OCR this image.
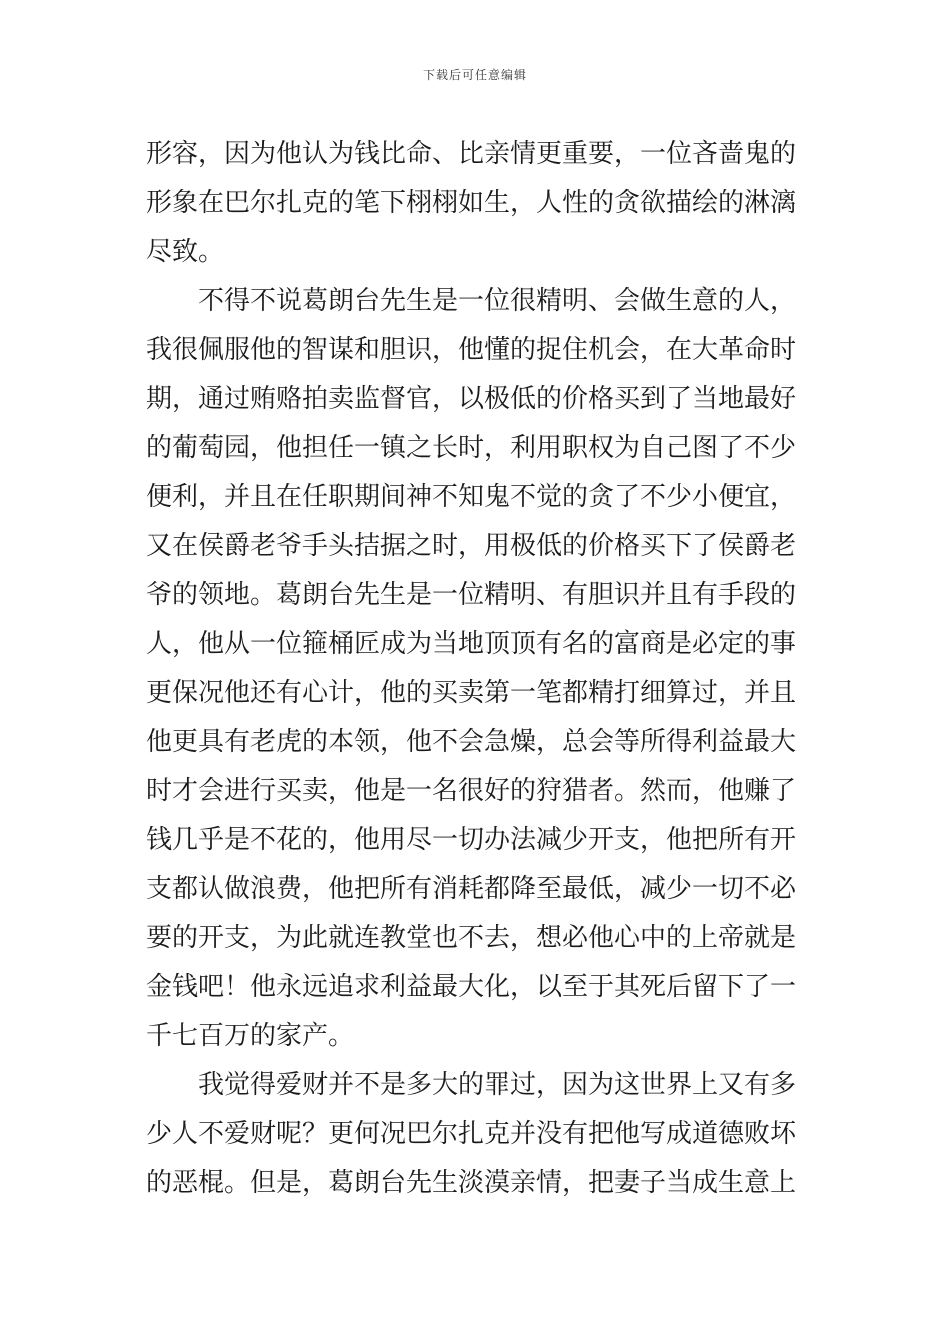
下载后可任意编辑
形容，因为他认为钱比命、比亲情更重要，一位吝啬鬼的
形象在巴尔扎克的笔下栩栩如生，人性的贪欲描绘的淋漓
尽致。
　　不得不说葛朗台先生是一位很精明、会做生意的人，
我很佩服他的智谋和胆识，他懂的捉住机会，在大革命时
期，通过贿赂拍卖监督官，以极低的价格买到了当地最好
的葡萄园，他担任一镇之长时，利用职权为自己图了不少
便利，并且在任职期间神不知鬼不觉的贪了不少小便宜，
又在侯爵老爷手头拮据之时，用极低的价格买下了侯爵老
爷的领地。葛朗台先生是一位精明、有胆识并且有手段的
人，他从一位箍桶匠成为当地顶顶有名的富商是必定的事
更保况他还有心计，他的买卖第一笔都精打细算过，并且
他更具有老虎的本领，他不会急燥，总会等所得利益最大
时才会进行买卖，他是一名很好的狩猎者。然而，他赚了
钱几乎是不花的，他用尽一切办法减少开支，他把所有开
支都认做浪费，他把所有消耗都降至最低，减少一切不必
要的开支，为此就连教堂也不去，想必他心中的上帝就是
金钱吧！他永远追求利益最大化，以至于其死后留下了一
千七百万的家产。
　　我觉得爱财并不是多大的罪过，因为这世界上又有多
少人不爱财呢？更何况巴尔扎克并没有把他写成道德败坏
的恶棍。但是，葛朗台先生淡漠亲情，把妻子当成生意上
